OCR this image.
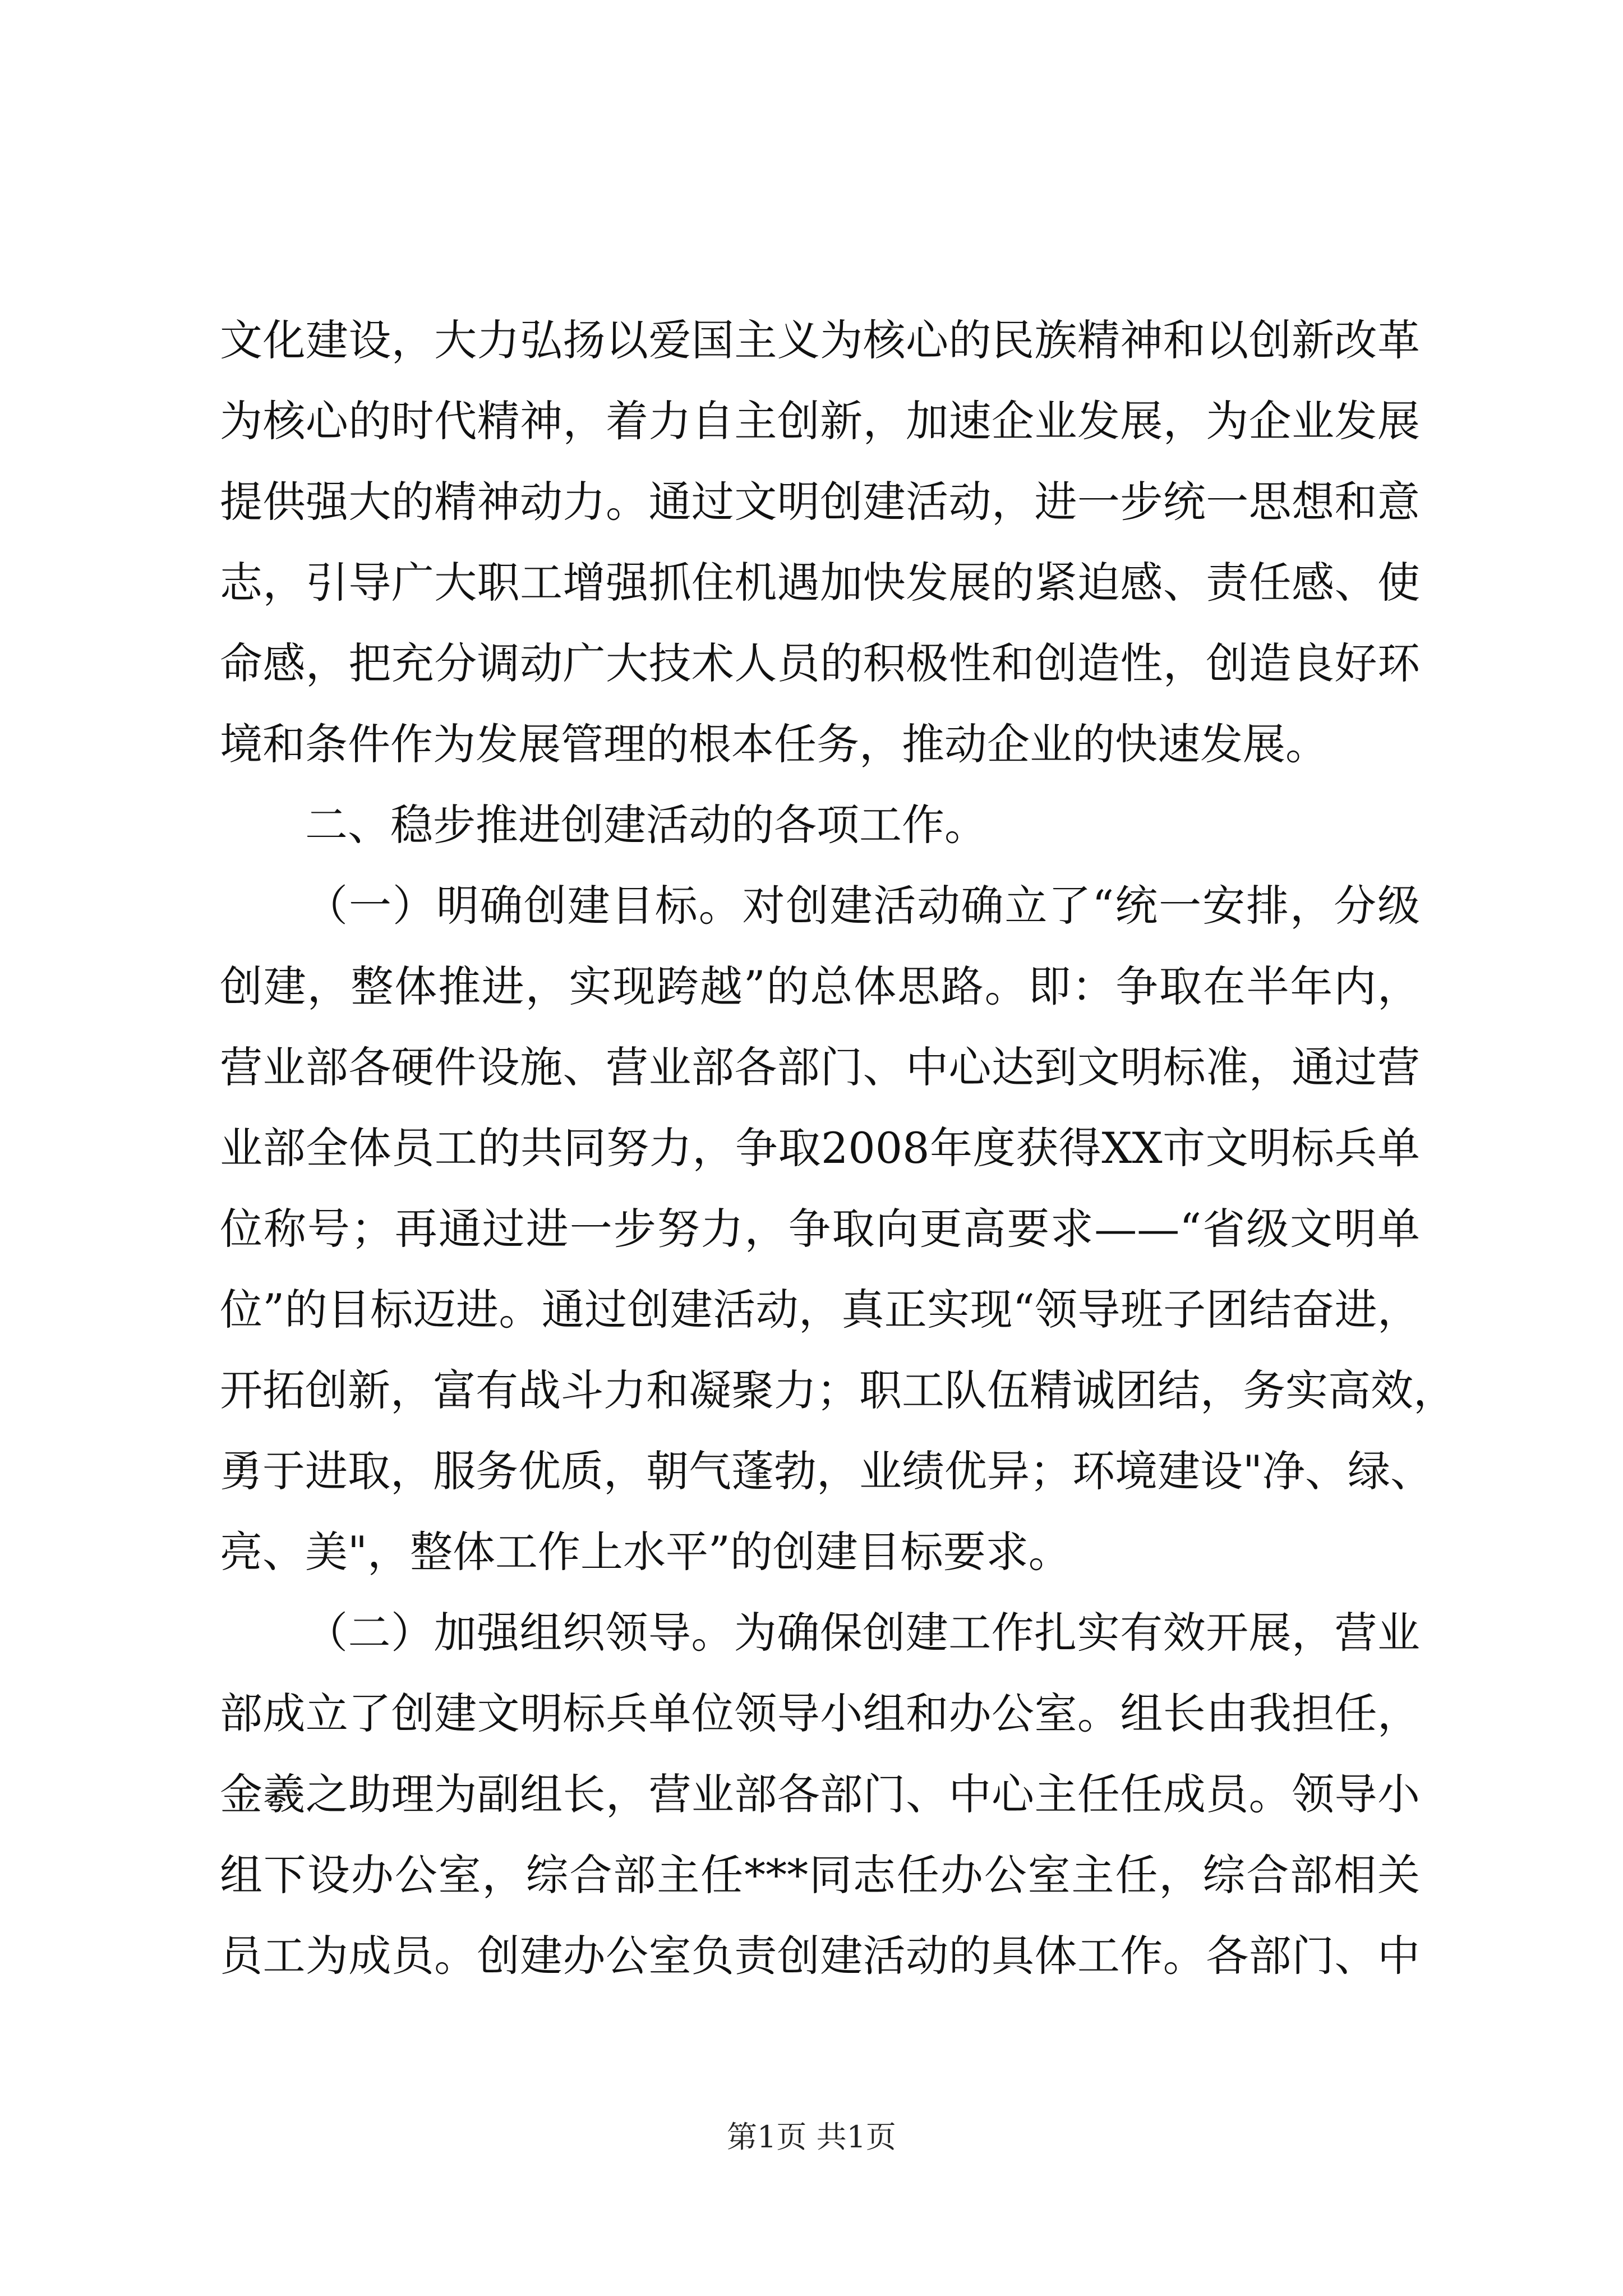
文化建设，大力弘扬以爱国主义为核心的民族精神和以创新改革
为核心的时代精神，着力自主创新，加速企业发展，为企业发展
提供强大的精神动力。通过文明创建活动，进一步统一思想和意
志，引导广大职工增强抓住机遇加快发展的紧迫感、责任感、使
命感，把充分调动广大技术人员的积极性和创造性，创造良好环
境和条件作为发展管理的根本任务，推动企业的快速发展。
二、稳步推进创建活动的各项工作。
（一）明确创建目标。对创建活动确立了“统一安排，分级
创建，整体推进，实现跨越”的总体思路。即：争取在半年内，
营业部各硬件设施、营业部各部门、中心达到文明标准，通过营
业部全体员工的共同努力，争取2008年度获得XX市文明标兵单
位称号；再通过进一步努力，争取向更高要求——“省级文明单
位”的目标迈进。通过创建活动，真正实现“领导班子团结奋进，
开拓创新，富有战斗力和凝聚力；职工队伍精诚团结，务实高效，
勇于进取，服务优质，朝气蓬勃，业绩优异；环境建设"净、绿、
亮、美"，整体工作上水平”的创建目标要求。
（二）加强组织领导。为确保创建工作扎实有效开展，营业
部成立了创建文明标兵单位领导小组和办公室。组长由我担任，
金羲之助理为副组长，营业部各部门、中心主任任成员。领导小
组下设办公室，综合部主任***同志任办公室主任，综合部相关
员工为成员。创建办公室负责创建活动的具体工作。各部门、中
第1页 共1页
